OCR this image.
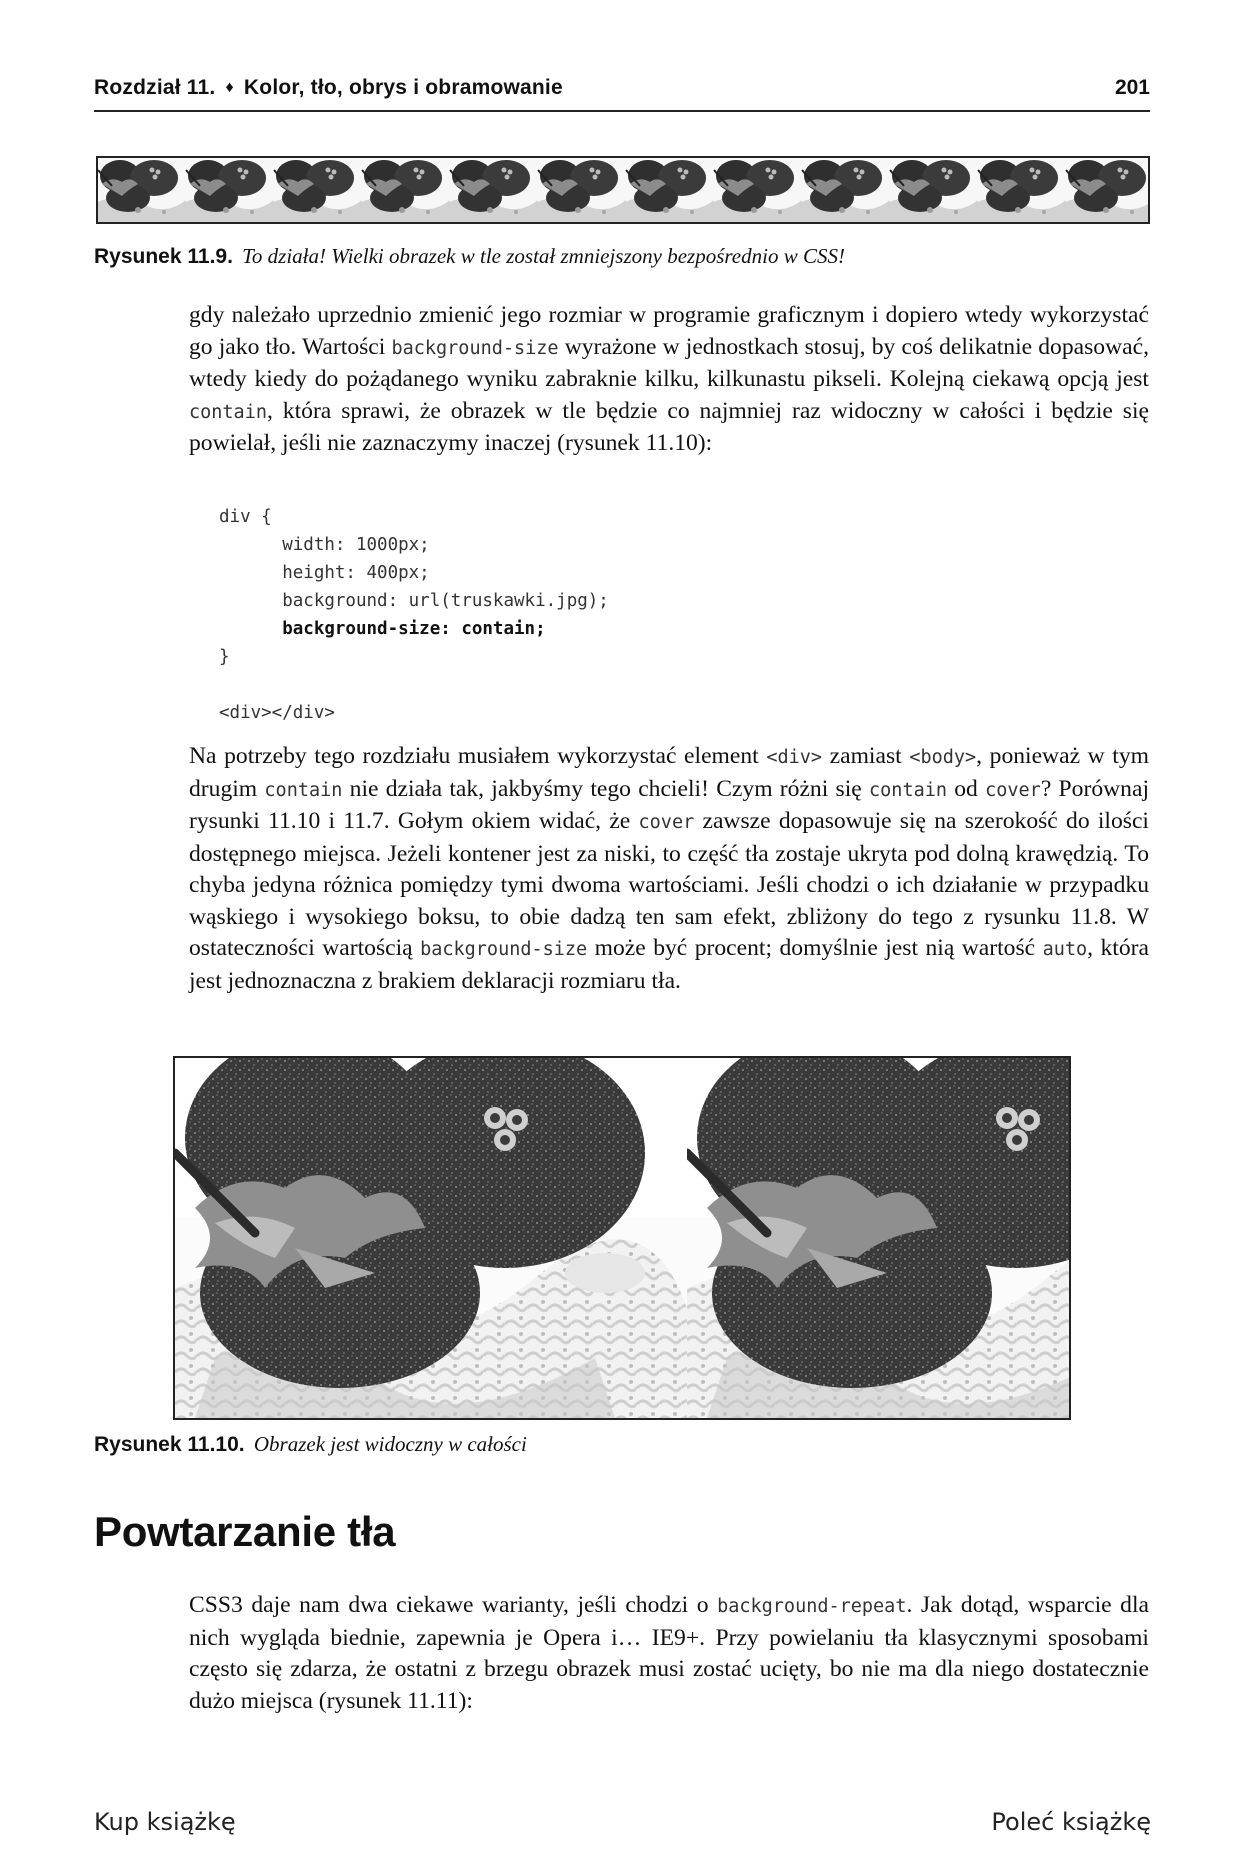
Rozdział 11. ♦ Kolor, tło, obrys i obramowanie	201
Rysunek 11.9. To działa! Wielki obrazek w tle został zmniejszony bezpośrednio w CSS!
gdy należało uprzednio zmienić jego rozmiar w programie graficznym i dopiero wtedy wykorzystać go jako tło. Wartości background-size wyrażone w jednostkach stosuj, by coś delikatnie dopasować, wtedy kiedy do pożądanego wyniku zabraknie kilku, kilkunastu pikseli. Kolejną ciekawą opcją jest contain, która sprawi, że obrazek w tle będzie co najmniej raz widoczny w całości i będzie się powielał, jeśli nie zaznaczymy inaczej (rysunek 11.10):
div {
width: 1000px;
height: 400px;
background: url(truskawki.jpg);
background-size: contain;
}

<div></div>
Na potrzeby tego rozdziału musiałem wykorzystać element <div> zamiast <body>, ponieważ w tym drugim contain nie działa tak, jakbyśmy tego chcieli! Czym różni się contain od cover? Porównaj rysunki 11.10 i 11.7. Gołym okiem widać, że cover zawsze dopasowuje się na szerokość do ilości dostępnego miejsca. Jeżeli kontener jest za niski, to część tła zostaje ukryta pod dolną krawędzią. To chyba jedyna różnica pomiędzy tymi dwoma wartościami. Jeśli chodzi o ich działanie w przypadku wąskiego i wysokiego boksu, to obie dadzą ten sam efekt, zbliżony do tego z rysunku 11.8. W ostateczności wartością background-size może być procent; domyślnie jest nią wartość auto, która jest jednoznaczna z brakiem deklaracji rozmiaru tła.
Rysunek 11.10. Obrazek jest widoczny w całości
Powtarzanie tła
CSS3 daje nam dwa ciekawe warianty, jeśli chodzi o background-repeat. Jak dotąd, wsparcie dla nich wygląda biednie, zapewnia je Opera i… IE9+. Przy powielaniu tła klasycznymi sposobami często się zdarza, że ostatni z brzegu obrazek musi zostać ucięty, bo nie ma dla niego dostatecznie dużo miejsca (rysunek 11.11):
Kup książkę	Poleć książkę
